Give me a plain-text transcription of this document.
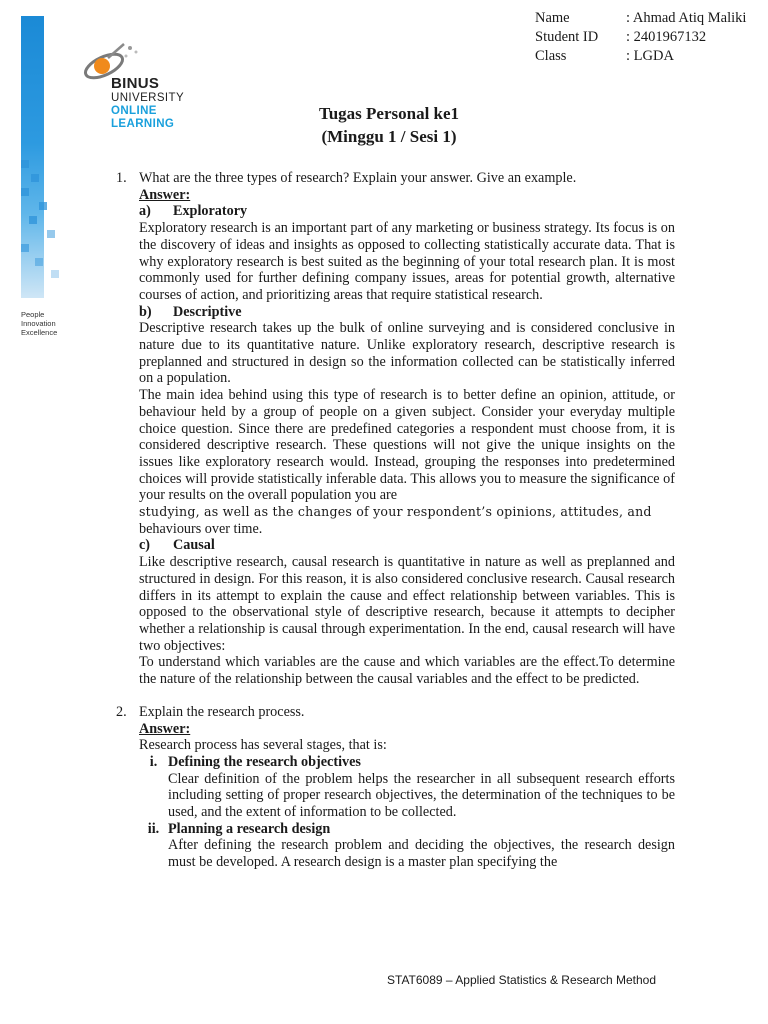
People
Innovation
Excellence
BINUS
UNIVERSITY
ONLINE
LEARNING
Name	: Ahmad Atiq Maliki
Student ID	: 2401967132
Class	: LGDA
Tugas Personal ke1
(Minggu 1 / Sesi 1)
1. What are the three types of research? Explain your answer. Give an example.
Answer:
a)	Exploratory
Exploratory research is an important part of any marketing or business strategy. Its focus is on the discovery of ideas and insights as opposed to collecting statistically accurate data. That is why exploratory research is best suited as the beginning of your total research plan. It is most commonly used for further defining company issues, areas for potential growth, alternative courses of action, and prioritizing areas that require statistical research.
b)	Descriptive
Descriptive research takes up the bulk of online surveying and is considered conclusive in nature due to its quantitative nature. Unlike exploratory research, descriptive research is preplanned and structured in design so the information collected can be statistically inferred on a population.
The main idea behind using this type of research is to better define an opinion, attitude, or behaviour held by a group of people on a given subject. Consider your everyday multiple choice question. Since there are predefined categories a respondent must choose from, it is considered descriptive research. These questions will not give the unique insights on the issues like exploratory research would. Instead, grouping the responses into predetermined choices will provide statistically inferable data. This allows you to measure the significance of your results on the overall population you are
studying, as well as the changes of your respondent’s opinions, attitudes, and
behaviours over time.
c)	Causal
Like descriptive research, causal research is quantitative in nature as well as preplanned and structured in design. For this reason, it is also considered conclusive research. Causal research differs in its attempt to explain the cause and effect relationship between variables. This is opposed to the observational style of descriptive research, because it attempts to decipher whether a relationship is causal through experimentation. In the end, causal research will have two objectives:
To understand which variables are the cause and which variables are the effect.To determine the nature of the relationship between the causal variables and the effect to be predicted.
2. Explain the research process.
Answer:
Research process has several stages, that is:
i. Defining the research objectives
Clear definition of the problem helps the researcher in all subsequent research efforts including setting of proper research objectives, the determination of the techniques to be used, and the extent of information to be collected.
ii. Planning a research design
After defining the research problem and deciding the objectives, the research design must be developed. A research design is a master plan specifying the
STAT6089 – Applied Statistics & Research Method
